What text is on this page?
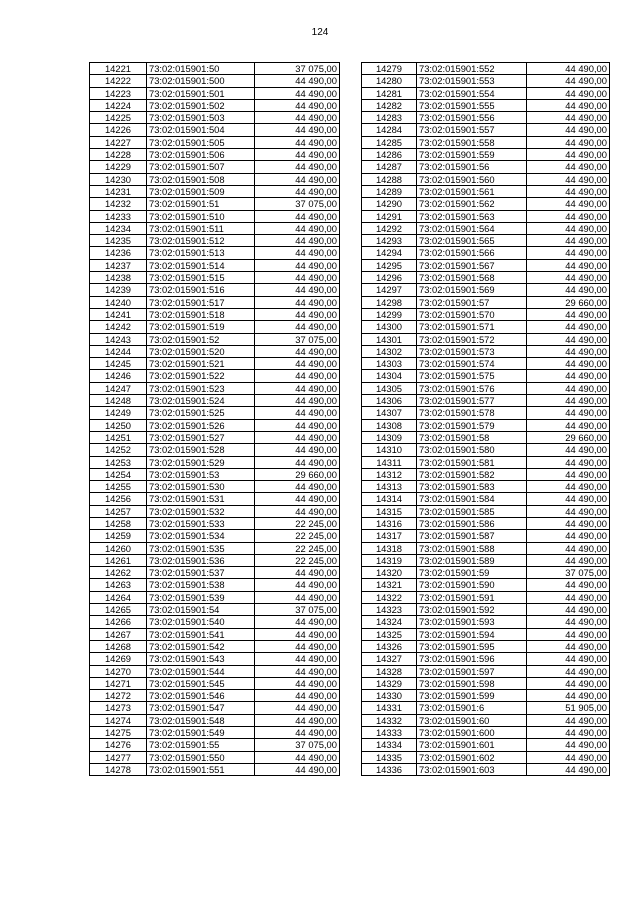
124
14221	73:02:015901:50	37 075,00
14222	73:02:015901:500	44 490,00
14223	73:02:015901:501	44 490,00
14224	73:02:015901:502	44 490,00
14225	73:02:015901:503	44 490,00
14226	73:02:015901:504	44 490,00
14227	73:02:015901:505	44 490,00
14228	73:02:015901:506	44 490,00
14229	73:02:015901:507	44 490,00
14230	73:02:015901:508	44 490,00
14231	73:02:015901:509	44 490,00
14232	73:02:015901:51	37 075,00
14233	73:02:015901:510	44 490,00
14234	73:02:015901:511	44 490,00
14235	73:02:015901:512	44 490,00
14236	73:02:015901:513	44 490,00
14237	73:02:015901:514	44 490,00
14238	73:02:015901:515	44 490,00
14239	73:02:015901:516	44 490,00
14240	73:02:015901:517	44 490,00
14241	73:02:015901:518	44 490,00
14242	73:02:015901:519	44 490,00
14243	73:02:015901:52	37 075,00
14244	73:02:015901:520	44 490,00
14245	73:02:015901:521	44 490,00
14246	73:02:015901:522	44 490,00
14247	73:02:015901:523	44 490,00
14248	73:02:015901:524	44 490,00
14249	73:02:015901:525	44 490,00
14250	73:02:015901:526	44 490,00
14251	73:02:015901:527	44 490,00
14252	73:02:015901:528	44 490,00
14253	73:02:015901:529	44 490,00
14254	73:02:015901:53	29 660,00
14255	73:02:015901:530	44 490,00
14256	73:02:015901:531	44 490,00
14257	73:02:015901:532	44 490,00
14258	73:02:015901:533	22 245,00
14259	73:02:015901:534	22 245,00
14260	73:02:015901:535	22 245,00
14261	73:02:015901:536	22 245,00
14262	73:02:015901:537	44 490,00
14263	73:02:015901:538	44 490,00
14264	73:02:015901:539	44 490,00
14265	73:02:015901:54	37 075,00
14266	73:02:015901:540	44 490,00
14267	73:02:015901:541	44 490,00
14268	73:02:015901:542	44 490,00
14269	73:02:015901:543	44 490,00
14270	73:02:015901:544	44 490,00
14271	73:02:015901:545	44 490,00
14272	73:02:015901:546	44 490,00
14273	73:02:015901:547	44 490,00
14274	73:02:015901:548	44 490,00
14275	73:02:015901:549	44 490,00
14276	73:02:015901:55	37 075,00
14277	73:02:015901:550	44 490,00
14278	73:02:015901:551	44 490,00
14279	73:02:015901:552	44 490,00
14280	73:02:015901:553	44 490,00
14281	73:02:015901:554	44 490,00
14282	73:02:015901:555	44 490,00
14283	73:02:015901:556	44 490,00
14284	73:02:015901:557	44 490,00
14285	73:02:015901:558	44 490,00
14286	73:02:015901:559	44 490,00
14287	73:02:015901:56	44 490,00
14288	73:02:015901:560	44 490,00
14289	73:02:015901:561	44 490,00
14290	73:02:015901:562	44 490,00
14291	73:02:015901:563	44 490,00
14292	73:02:015901:564	44 490,00
14293	73:02:015901:565	44 490,00
14294	73:02:015901:566	44 490,00
14295	73:02:015901:567	44 490,00
14296	73:02:015901:568	44 490,00
14297	73:02:015901:569	44 490,00
14298	73:02:015901:57	29 660,00
14299	73:02:015901:570	44 490,00
14300	73:02:015901:571	44 490,00
14301	73:02:015901:572	44 490,00
14302	73:02:015901:573	44 490,00
14303	73:02:015901:574	44 490,00
14304	73:02:015901:575	44 490,00
14305	73:02:015901:576	44 490,00
14306	73:02:015901:577	44 490,00
14307	73:02:015901:578	44 490,00
14308	73:02:015901:579	44 490,00
14309	73:02:015901:58	29 660,00
14310	73:02:015901:580	44 490,00
14311	73:02:015901:581	44 490,00
14312	73:02:015901:582	44 490,00
14313	73:02:015901:583	44 490,00
14314	73:02:015901:584	44 490,00
14315	73:02:015901:585	44 490,00
14316	73:02:015901:586	44 490,00
14317	73:02:015901:587	44 490,00
14318	73:02:015901:588	44 490,00
14319	73:02:015901:589	44 490,00
14320	73:02:015901:59	37 075,00
14321	73:02:015901:590	44 490,00
14322	73:02:015901:591	44 490,00
14323	73:02:015901:592	44 490,00
14324	73:02:015901:593	44 490,00
14325	73:02:015901:594	44 490,00
14326	73:02:015901:595	44 490,00
14327	73:02:015901:596	44 490,00
14328	73:02:015901:597	44 490,00
14329	73:02:015901:598	44 490,00
14330	73:02:015901:599	44 490,00
14331	73:02:015901:6	51 905,00
14332	73:02:015901:60	44 490,00
14333	73:02:015901:600	44 490,00
14334	73:02:015901:601	44 490,00
14335	73:02:015901:602	44 490,00
14336	73:02:015901:603	44 490,00
